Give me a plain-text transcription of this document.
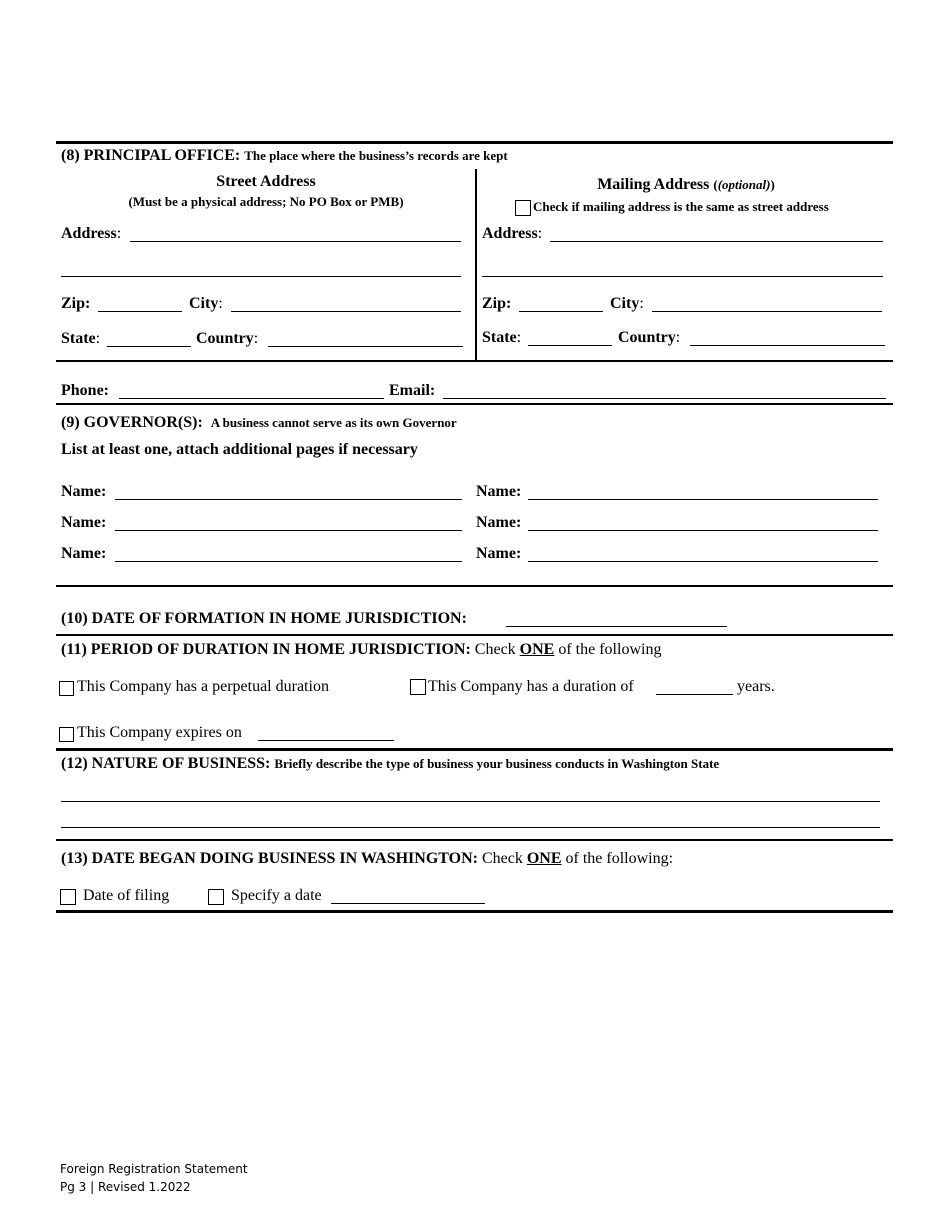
(8) PRINCIPAL OFFICE: The place where the business’s records are kept
Street Address
(Must be a physical address; No PO Box or PMB)
Address:
Zip:	City:
State:	Country:
Mailing Address ((optional))
Check if mailing address is the same as street address
Address:
Zip:	City:
State:	Country:
Phone:	Email:
(9) GOVERNOR(S): A business cannot serve as its own Governor
List at least one, attach additional pages if necessary
Name:	Name:
Name:	Name:
Name:	Name:
(10) DATE OF FORMATION IN HOME JURISDICTION:
(11) PERIOD OF DURATION IN HOME JURISDICTION: Check ONE of the following
This Company has a perpetual duration	This Company has a duration of	years.
This Company expires on
(12) NATURE OF BUSINESS: Briefly describe the type of business your business conducts in Washington State
(13) DATE BEGAN DOING BUSINESS IN WASHINGTON: Check ONE of the following:
Date of filing	Specify a date
Foreign Registration Statement
Pg 3 | Revised 1.2022
